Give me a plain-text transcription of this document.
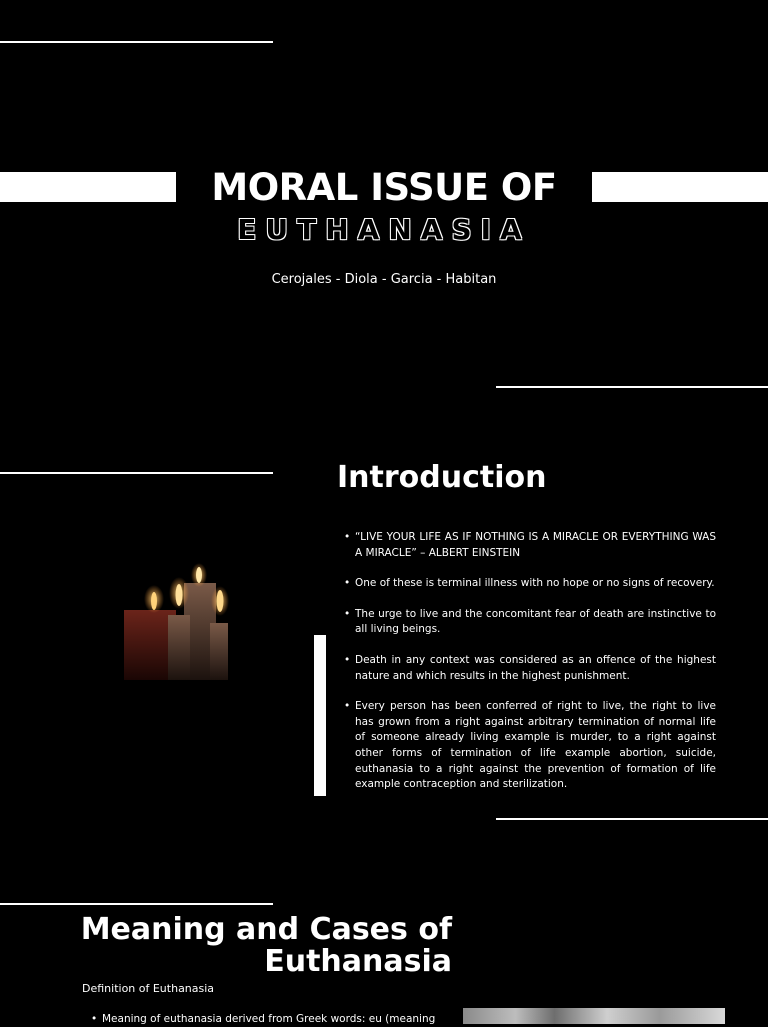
MORAL ISSUE OF
EUTHANASIA
Cerojales - Diola - Garcia - Habitan
Introduction
• “LIVE YOUR LIFE AS IF NOTHING IS A MIRACLE OR EVERYTHING WAS A MIRACLE” – ALBERT EINSTEIN
• One of these is terminal illness with no hope or no signs of recovery.
• The urge to live and the concomitant fear of death are instinctive to all living beings.
• Death in any context was considered as an offence of the highest nature and which results in the highest punishment.
• Every person has been conferred of right to live, the right to live has grown from a right against arbitrary termination of normal life of someone already living example is murder, to a right against other forms of termination of life example abortion, suicide, euthanasia to a right against the prevention of formation of life example contraception and sterilization.
Meaning and Cases of
Euthanasia
Definition of Euthanasia
• Meaning of euthanasia derived from Greek words: eu (meaning
